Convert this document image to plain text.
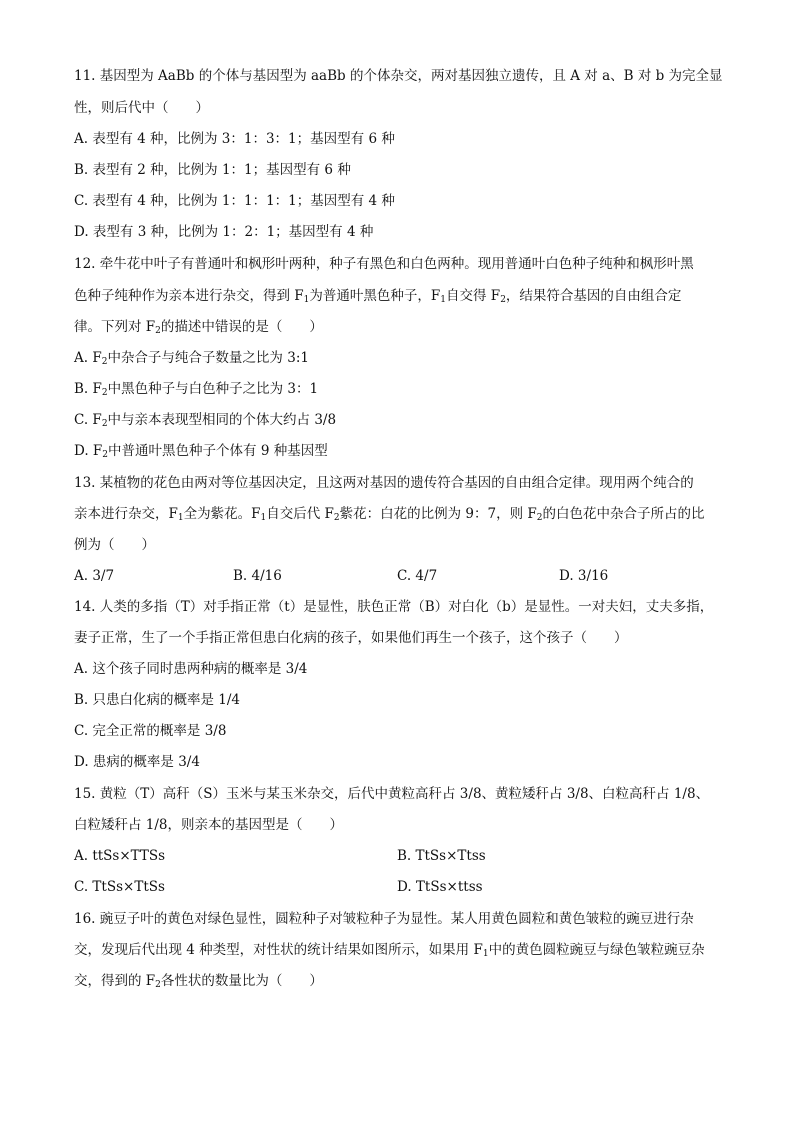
11. 基因型为 AaBb 的个体与基因型为 aaBb 的个体杂交，两对基因独立遗传，且 A 对 a、B 对 b 为完全显
性，则后代中（　　）
A. 表型有 4 种，比例为 3：1：3：1；基因型有 6 种
B. 表型有 2 种，比例为 1：1；基因型有 6 种
C. 表型有 4 种，比例为 1：1：1：1；基因型有 4 种
D. 表型有 3 种，比例为 1：2：1；基因型有 4 种
12. 牵牛花中叶子有普通叶和枫形叶两种，种子有黑色和白色两种。现用普通叶白色种子纯种和枫形叶黑
色种子纯种作为亲本进行杂交，得到 $F_1$为普通叶黑色种子，$F_1$自交得 $F_2$，结果符合基因的自由组合定
律。下列对 $F_2$的描述中错误的是（　　）
A. $F_2$中杂合子与纯合子数量之比为 3:1
B. $F_2$中黑色种子与白色种子之比为 3：1
C. $F_2$中与亲本表现型相同的个体大约占 3/8
D. $F_2$中普通叶黑色种子个体有 9 种基因型
13. 某植物的花色由两对等位基因决定，且这两对基因的遗传符合基因的自由组合定律。现用两个纯合的
亲本进行杂交，$F_1$全为紫花。$F_1$自交后代 $F_2$紫花：白花的比例为 9：7，则 $F_2$的白色花中杂合子所占的比
例为（　　）
A. 3/7	B. 4/16	C. 4/7	D. 3/16
14. 人类的多指（T）对手指正常（t）是显性，肤色正常（B）对白化（b）是显性。一对夫妇，丈夫多指，
妻子正常，生了一个手指正常但患白化病的孩子，如果他们再生一个孩子，这个孩子（　　）
A. 这个孩子同时患两种病的概率是 3/4
B. 只患白化病的概率是 1/4
C. 完全正常的概率是 3/8
D. 患病的概率是 3/4
15. 黄粒（T）高秆（S）玉米与某玉米杂交，后代中黄粒高秆占 3/8、黄粒矮秆占 3/8、白粒高秆占 1/8、
白粒矮秆占 1/8，则亲本的基因型是（　　）
A. ttSs×TTSs	B. TtSs×Ttss
C. TtSs×TtSs	D. TtSs×ttss
16. 豌豆子叶的黄色对绿色显性，圆粒种子对皱粒种子为显性。某人用黄色圆粒和黄色皱粒的豌豆进行杂
交，发现后代出现 4 种类型，对性状的统计结果如图所示，如果用 $F_1$中的黄色圆粒豌豆与绿色皱粒豌豆杂
交，得到的 $F_2$各性状的数量比为（　　）
